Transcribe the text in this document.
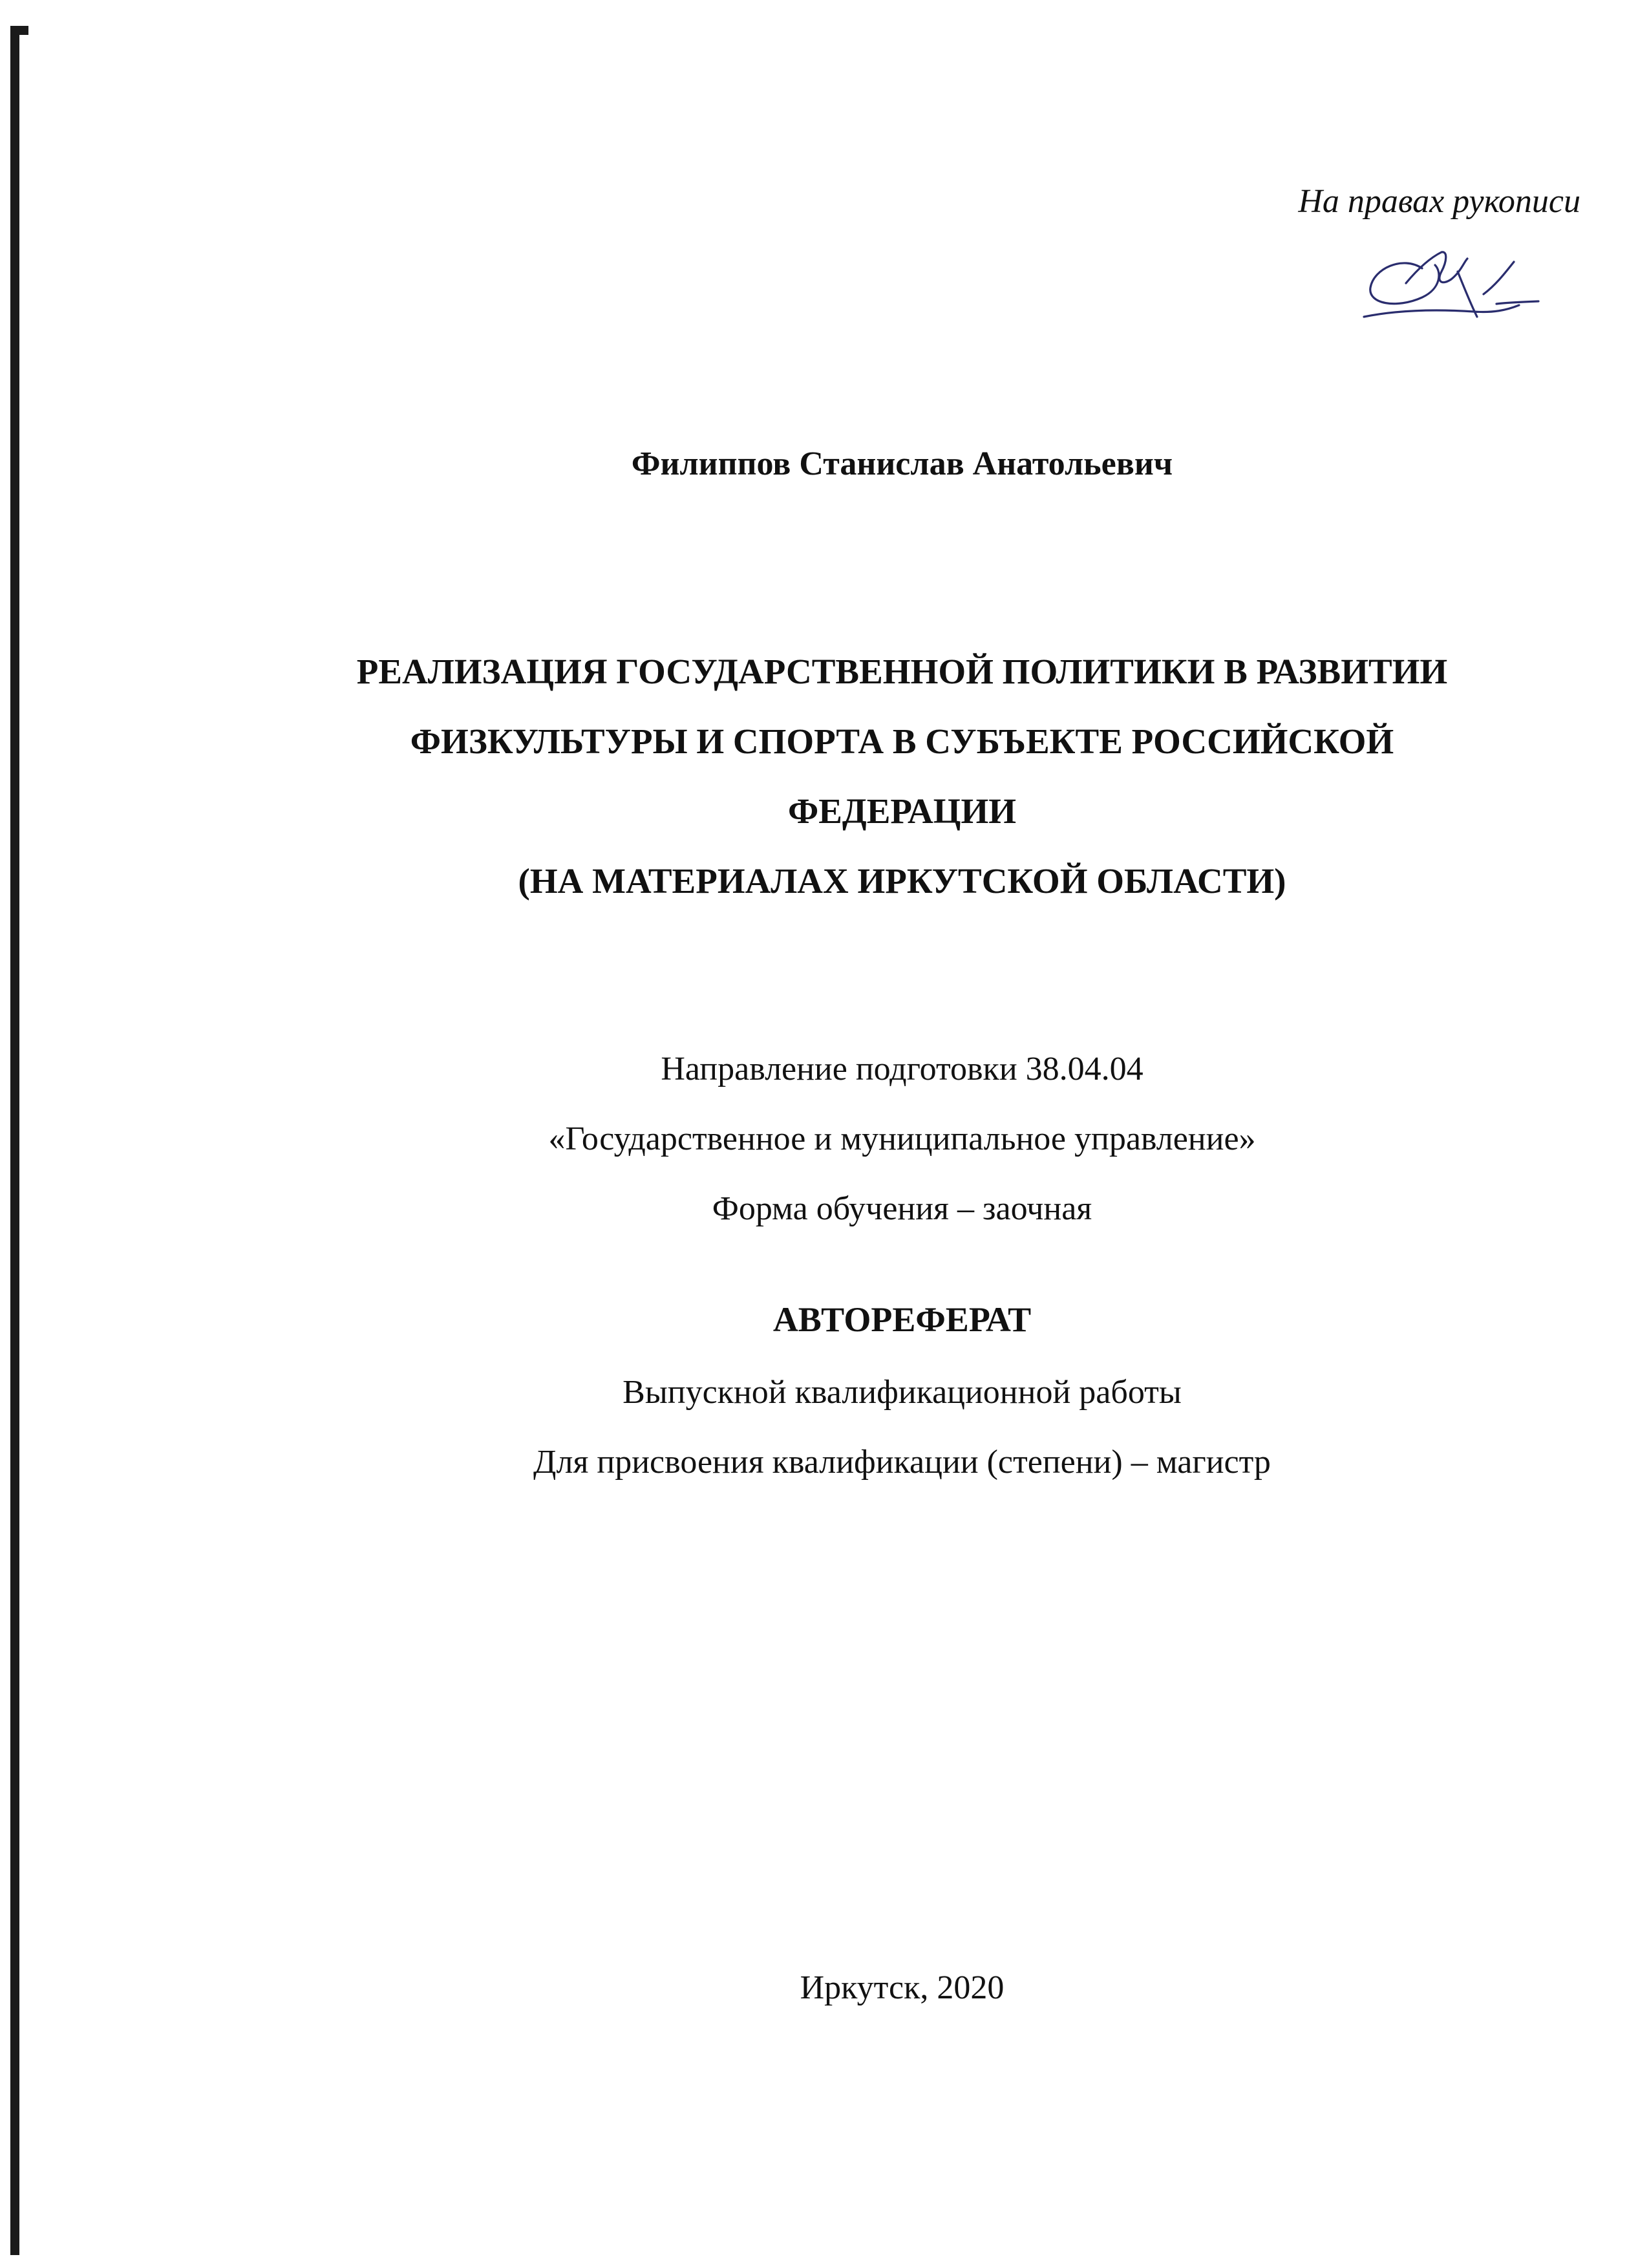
На правах рукописи
Филиппов Станислав Анатольевич
РЕАЛИЗАЦИЯ ГОСУДАРСТВЕННОЙ ПОЛИТИКИ В РАЗВИТИИ
ФИЗКУЛЬТУРЫ И СПОРТА В СУБЪЕКТЕ РОССИЙСКОЙ
ФЕДЕРАЦИИ
(НА МАТЕРИАЛАХ ИРКУТСКОЙ ОБЛАСТИ)
Направление подготовки 38.04.04
«Государственное и муниципальное управление»
Форма обучения – заочная
АВТОРЕФЕРАТ
Выпускной квалификационной работы
Для присвоения квалификации (степени) – магистр
Иркутск, 2020
